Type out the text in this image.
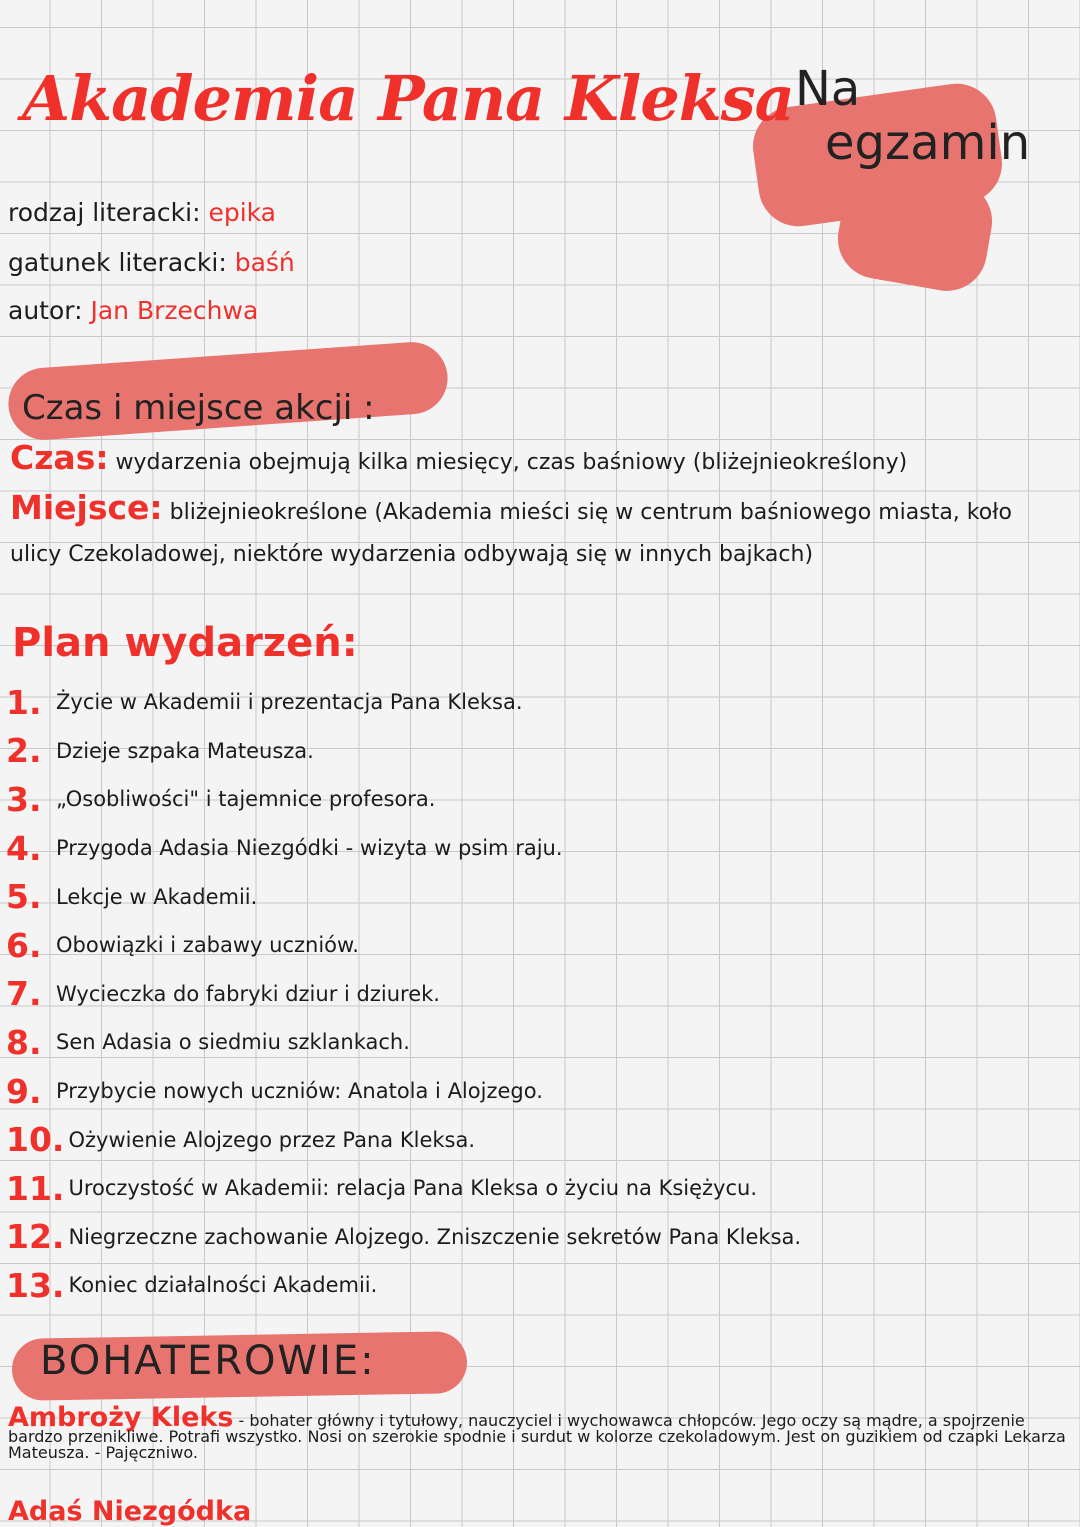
Akademia Pana Kleksa Na
egzamin
rodzaj literacki: epika
gatunek literacki: baśń
autor: Jan Brzechwa
Czas i miejsce akcji :
Czas: wydarzenia obejmują kilka miesięcy, czas baśniowy (bliżejnieokreślony)
Miejsce: bliżejnieokreślone (Akademia mieści się w centrum baśniowego miasta, koło
ulicy Czekoladowej, niektóre wydarzenia odbywają się w innych bajkach)
Plan wydarzeń:
1. Życie w Akademii i prezentacja Pana Kleksa.
2. Dzieje szpaka Mateusza.
3. „Osobliwości" i tajemnice profesora.
4. Przygoda Adasia Niezgódki - wizyta w psim raju.
5. Lekcje w Akademii.
6. Obowiązki i zabawy uczniów.
7. Wycieczka do fabryki dziur i dziurek.
8. Sen Adasia o siedmiu szklankach.
9. Przybycie nowych uczniów: Anatola i Alojzego.
10. Ożywienie Alojzego przez Pana Kleksa.
11. Uroczystość w Akademii: relacja Pana Kleksa o życiu na Księżycu.
12. Niegrzeczne zachowanie Alojzego. Zniszczenie sekretów Pana Kleksa.
13. Koniec działalności Akademii.
BOHATEROWIE:
Ambroży Kleks - bohater główny i tytułowy, nauczyciel i wychowawca chłopców. Jego oczy są mądre, a spojrzenie bardzo przenikliwe. Potrafi wszystko. Nosi on szerokie spodnie i surdut w kolorze czekoladowym. Jest on guzikiem od czapki Lekarza Mateusza. - Pajęczniwo.
Adaś Niezgódka
